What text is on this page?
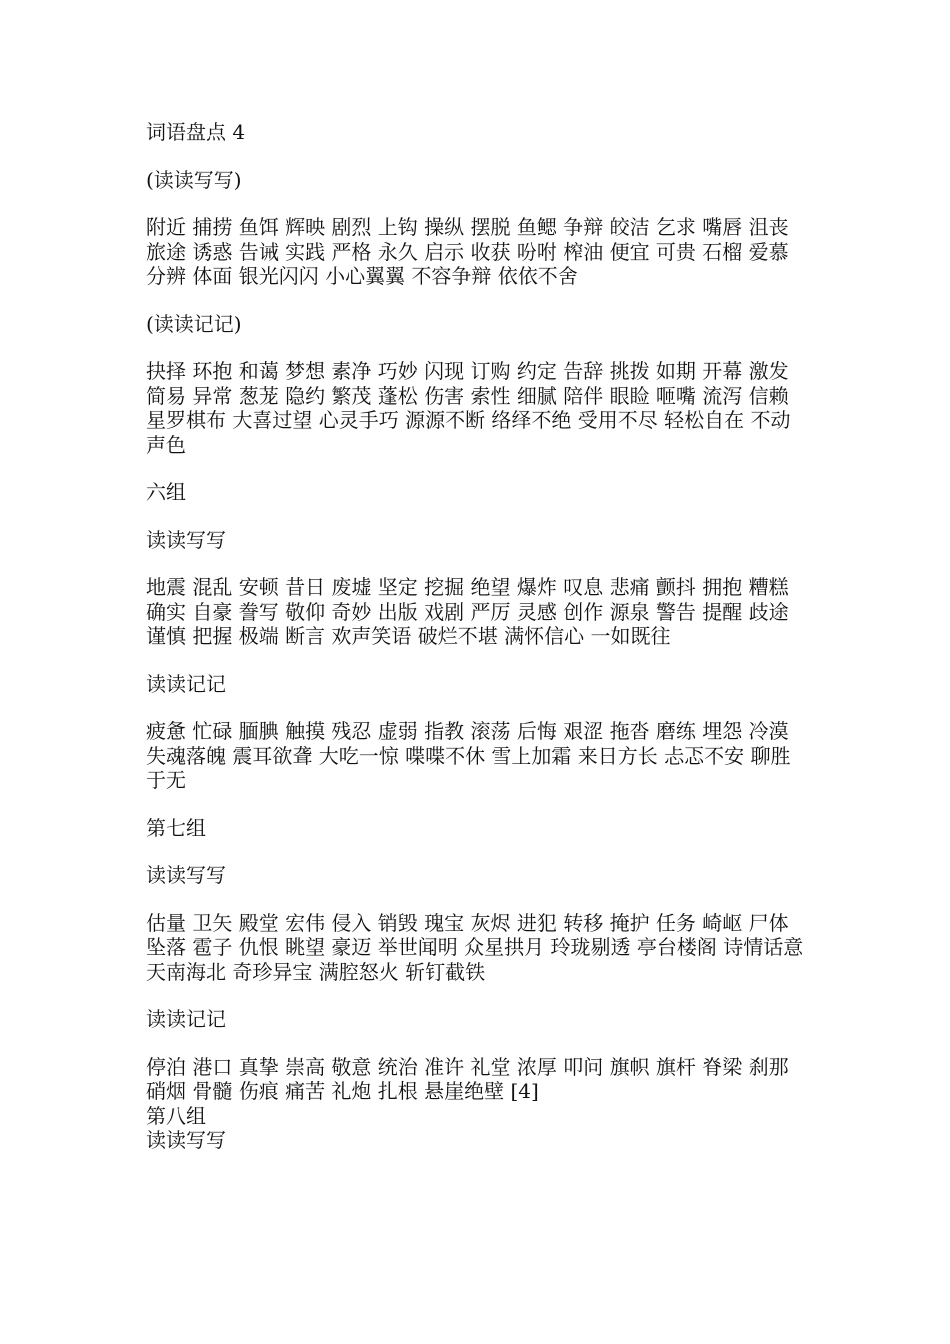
词语盘点 4

(读读写写)

附近 捕捞 鱼饵 辉映 剧烈 上钩 操纵 摆脱 鱼鳃 争辩 皎洁 乞求 嘴唇 沮丧 旅途 诱惑 告诫 实践 严格 永久 启示 收获 吩咐 榨油 便宜 可贵 石榴 爱慕 分辨 体面 银光闪闪 小心翼翼 不容争辩 依依不舍

(读读记记)

抉择 环抱 和蔼 梦想 素净 巧妙 闪现 订购 约定 告辞 挑拨 如期 开幕 激发 简易 异常 葱茏 隐约 繁茂 蓬松 伤害 索性 细腻 陪伴 眼睑 咂嘴 流泻 信赖 星罗棋布 大喜过望 心灵手巧 源源不断 络绎不绝 受用不尽 轻松自在 不动声色

六组

读读写写

地震 混乱 安顿 昔日 废墟 坚定 挖掘 绝望 爆炸 叹息 悲痛 颤抖 拥抱 糟糕 确实 自豪 誊写 敬仰 奇妙 出版 戏剧 严厉 灵感 创作 源泉 警告 提醒 歧途 谨慎 把握 极端 断言 欢声笑语 破烂不堪 满怀信心 一如既往

读读记记

疲惫 忙碌 腼腆 触摸 残忍 虚弱 指教 滚荡 后悔 艰涩 拖沓 磨练 埋怨 冷漠 失魂落魄 震耳欲聋 大吃一惊 喋喋不休 雪上加霜 来日方长 忐忑不安 聊胜于无

第七组

读读写写

估量 卫矢 殿堂 宏伟 侵入 销毁 瑰宝 灰烬 进犯 转移 掩护 任务 崎岖 尸体 坠落 雹子 仇恨 眺望 豪迈 举世闻明 众星拱月 玲珑剔透 亭台楼阁 诗情话意 天南海北 奇珍异宝 满腔怒火 斩钉截铁

读读记记

停泊 港口 真挚 崇高 敬意 统治 准许 礼堂 浓厚 叩问 旗帜 旗杆 脊梁 刹那 硝烟 骨髓 伤痕 痛苦 礼炮 扎根 悬崖绝壁 [4]

第八组

读读写写
